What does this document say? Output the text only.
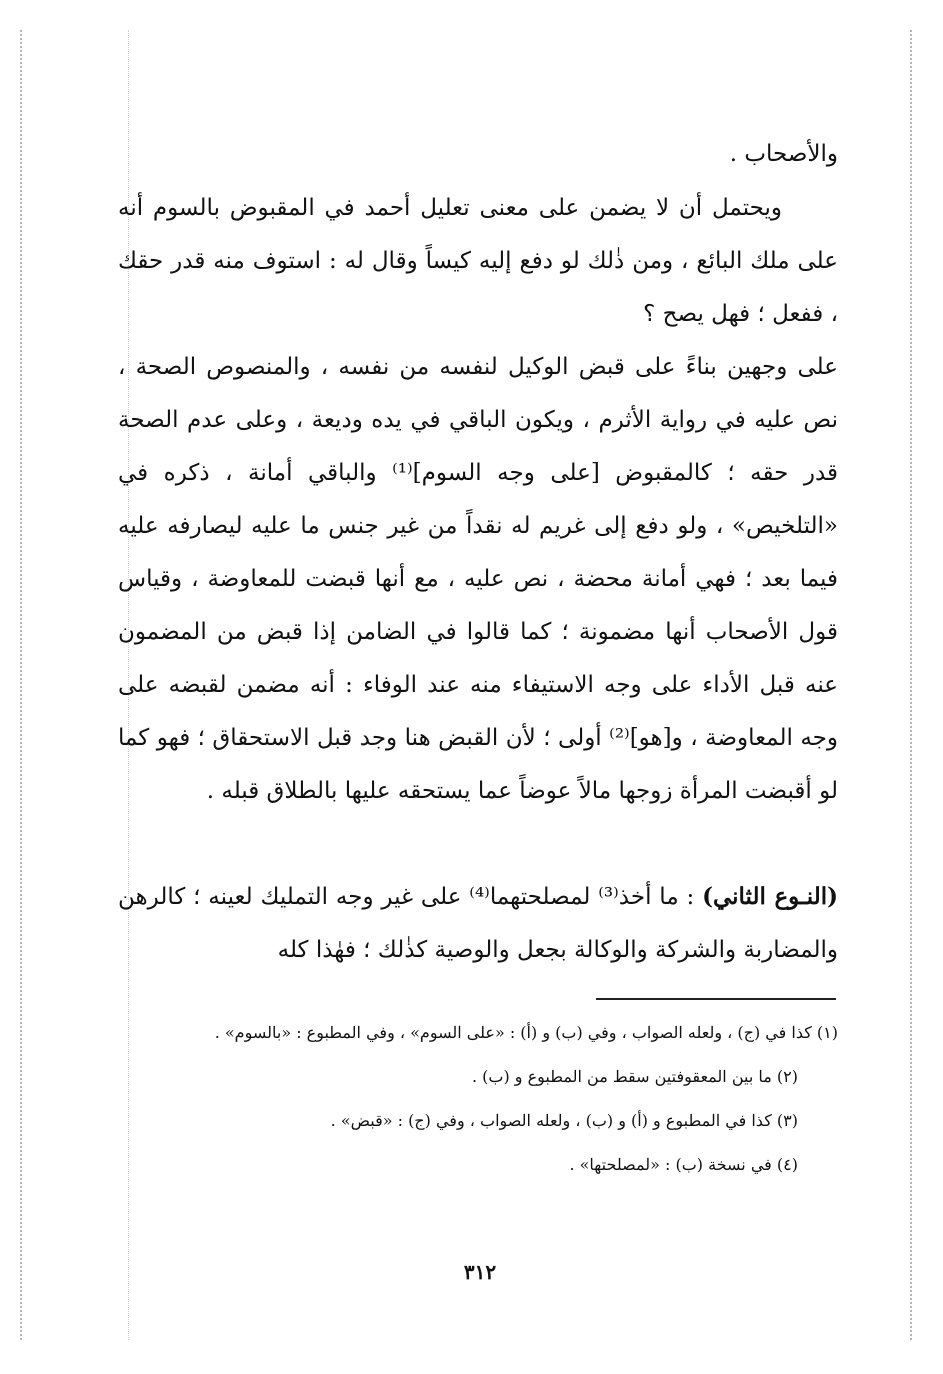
والأصحاب .

ويحتمل أن لا يضمن على معنى تعليل أحمد في المقبوض بالسوم أنه على ملك البائع ، ومن ذٰلك لو دفع إليه كيساً وقال له : استوف منه قدر حقك ، ففعل ؛ فهل يصح ؟

على وجهين بناءً على قبض الوكيل لنفسه من نفسه ، والمنصوص الصحة ، نص عليه في رواية الأثرم ، ويكون الباقي في يده وديعة ، وعلى عدم الصحة قدر حقه ؛ كالمقبوض [على وجه السوم]⁽¹⁾ والباقي أمانة ، ذكره في «التلخيص» ، ولو دفع إلى غريم له نقداً من غير جنس ما عليه ليصارفه عليه فيما بعد ؛ فهي أمانة محضة ، نص عليه ، مع أنها قبضت للمعاوضة ، وقياس قول الأصحاب أنها مضمونة ؛ كما قالوا في الضامن إذا قبض من المضمون عنه قبل الأداء على وجه الاستيفاء منه عند الوفاء : أنه مضمن لقبضه على وجه المعاوضة ، و[هو]⁽²⁾ أولى ؛ لأن القبض هنا وجد قبل الاستحقاق ؛ فهو كما لو أقبضت المرأة زوجها مالاً عوضاً عما يستحقه عليها بالطلاق قبله .

(النـوع الثاني) : ما أخذ⁽³⁾ لمصلحتهما⁽⁴⁾ على غير وجه التمليك لعينه ؛ كالرهن والمضاربة والشركة والوكالة بجعل والوصية كذٰلك ؛ فهٰذا كله

(١) كذا في (ج) ، ولعله الصواب ، وفي (ب) و (أ) : «على السوم» ، وفي المطبوع : «بالسوم» .

(٢) ما بين المعقوفتين سقط من المطبوع و (ب) .

(٣) كذا في المطبوع و (أ) و (ب) ، ولعله الصواب ، وفي (ج) : «قبض» .

(٤) في نسخة (ب) : «لمصلحتها» .

٣١٢
